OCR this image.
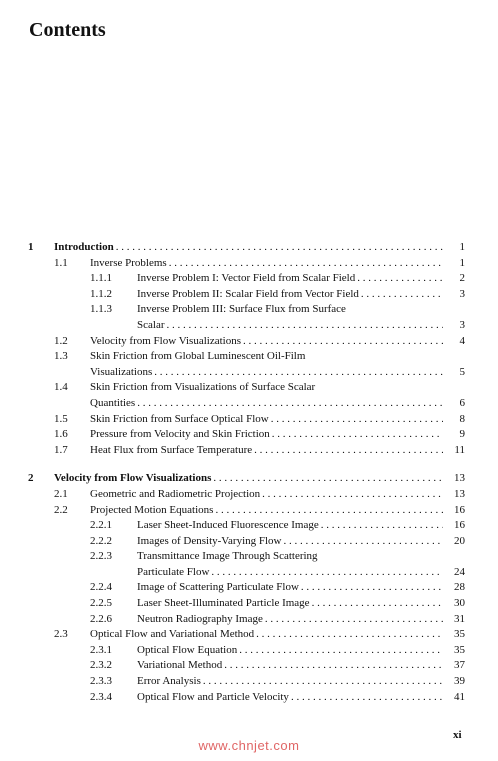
Contents
1	Introduction . . .	1
1.1	Inverse Problems . . .	1
1.1.1	Inverse Problem I: Vector Field from Scalar Field . . .	2
1.1.2	Inverse Problem II: Scalar Field from Vector Field . . .	3
1.1.3	Inverse Problem III: Surface Flux from Surface
Scalar . . .	3
1.2	Velocity from Flow Visualizations . . .	4
1.3	Skin Friction from Global Luminescent Oil-Film
Visualizations . . .	5
1.4	Skin Friction from Visualizations of Surface Scalar
Quantities . . .	6
1.5	Skin Friction from Surface Optical Flow . . .	8
1.6	Pressure from Velocity and Skin Friction . . .	9
1.7	Heat Flux from Surface Temperature . . .	11
2	Velocity from Flow Visualizations . . .	13
2.1	Geometric and Radiometric Projection . . .	13
2.2	Projected Motion Equations . . .	16
2.2.1	Laser Sheet-Induced Fluorescence Image . . .	16
2.2.2	Images of Density-Varying Flow . . .	20
2.2.3	Transmittance Image Through Scattering
Particulate Flow . . .	24
2.2.4	Image of Scattering Particulate Flow . . .	28
2.2.5	Laser Sheet-Illuminated Particle Image . . .	30
2.2.6	Neutron Radiography Image . . .	31
2.3	Optical Flow and Variational Method . . .	35
2.3.1	Optical Flow Equation . . .	35
2.3.2	Variational Method . . .	37
2.3.3	Error Analysis . . .	39
2.3.4	Optical Flow and Particle Velocity . . .	41
xi
www.chnjet.com
